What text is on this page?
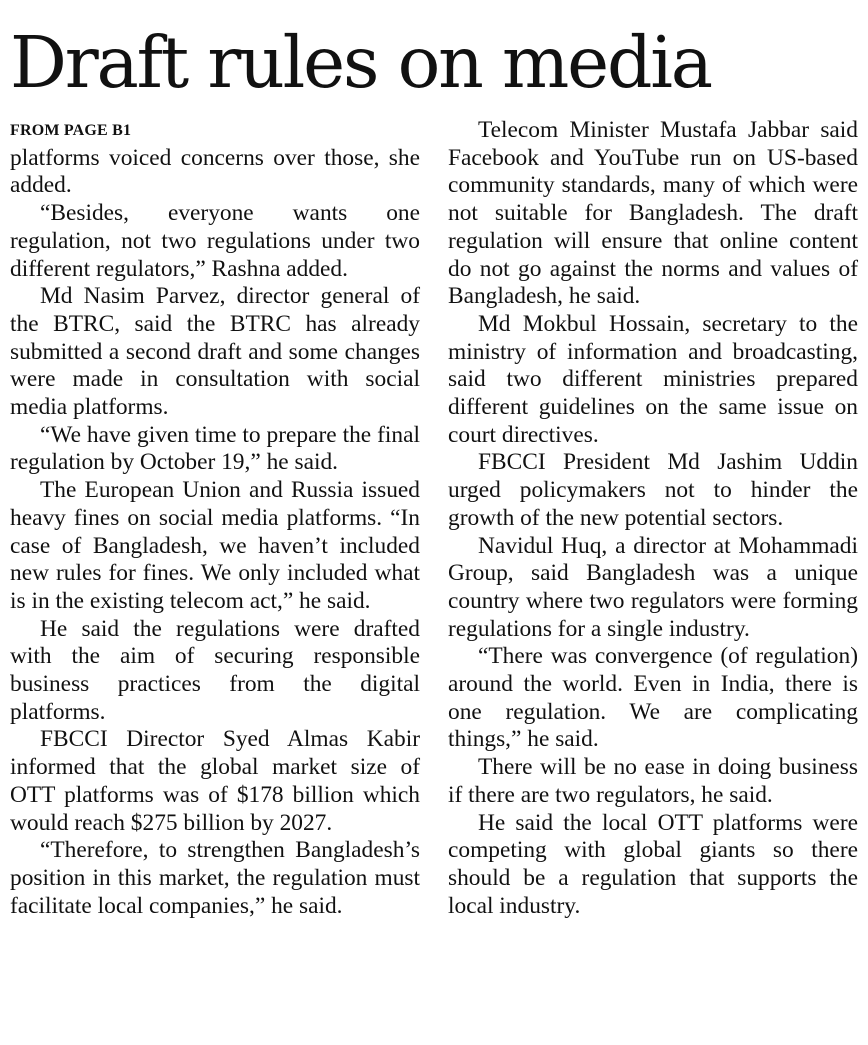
Draft rules on media
FROM PAGE B1

platforms voiced concerns over those, she added.

“Besides, everyone wants one regulation, not two regulations under two different regulators,” Rashna added.

Md Nasim Parvez, director general of the BTRC, said the BTRC has already submitted a second draft and some changes were made in consultation with social media platforms.

“We have given time to prepare the final regulation by October 19,” he said.

The European Union and Russia issued heavy fines on social media platforms. “In case of Bangladesh, we haven’t included new rules for fines. We only included what is in the existing telecom act,” he said.

He said the regulations were drafted with the aim of securing responsible business practices from the digital platforms.

FBCCI Director Syed Almas Kabir informed that the global market size of OTT platforms was of $178 billion which would reach $275 billion by 2027.

“Therefore, to strengthen Bangladesh’s position in this market, the regulation must facilitate local companies,” he said.

Telecom Minister Mustafa Jabbar said Facebook and YouTube run on US-based community standards, many of which were not suitable for Bangladesh. The draft regulation will ensure that online content do not go against the norms and values of Bangladesh, he said.

Md Mokbul Hossain, secretary to the ministry of information and broadcasting, said two different ministries prepared different guidelines on the same issue on court directives.

FBCCI President Md Jashim Uddin urged policymakers not to hinder the growth of the new potential sectors.

Navidul Huq, a director at Mohammadi Group, said Bangladesh was a unique country where two regulators were forming regulations for a single industry.

“There was convergence (of regulation) around the world. Even in India, there is one regulation. We are complicating things,” he said.

There will be no ease in doing business if there are two regulators, he said.

He said the local OTT platforms were competing with global giants so there should be a regulation that supports the local industry.
